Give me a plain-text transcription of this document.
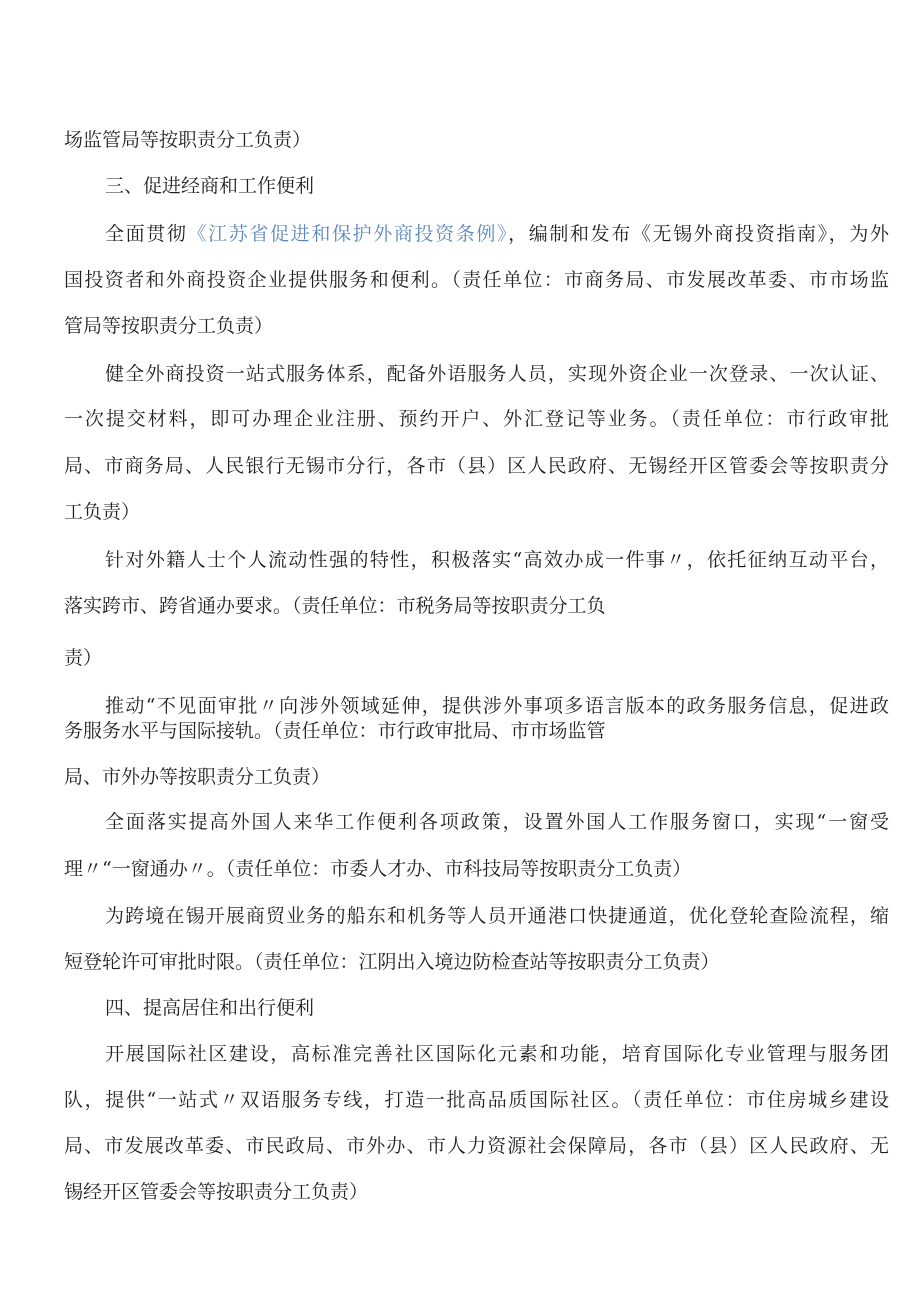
场监管局等按职责分工负责）
三、促进经商和工作便利
全面贯彻《江苏省促进和保护外商投资条例》，编制和发布《无锡外商投资指南》，为外
国投资者和外商投资企业提供服务和便利。（责任单位：市商务局、市发展改革委、市市场监
管局等按职责分工负责）
健全外商投资一站式服务体系，配备外语服务人员，实现外资企业一次登录、一次认证、
一次提交材料，即可办理企业注册、预约开户、外汇登记等业务。（责任单位：市行政审批
局、市商务局、人民银行无锡市分行，各市（县）区人民政府、无锡经开区管委会等按职责分
工负责）
针对外籍人士个人流动性强的特性，积极落实“高效办成一件事〃，依托征纳互动平台，
落实跨市、跨省通办要求。（责任单位：市税务局等按职责分工负
责）
推动“不见面审批〃向涉外领域延伸，提供涉外事项多语言版本的政务服务信息，促进政
务服务水平与国际接轨。（责任单位：市行政审批局、市市场监管
局、市外办等按职责分工负责）
全面落实提高外国人来华工作便利各项政策，设置外国人工作服务窗口，实现“一窗受
理〃“一窗通办〃。（责任单位：市委人才办、市科技局等按职责分工负责）
为跨境在锡开展商贸业务的船东和机务等人员开通港口快捷通道，优化登轮查险流程，缩
短登轮许可审批时限。（责任单位：江阴出入境边防检查站等按职责分工负责）
四、提高居住和出行便利
开展国际社区建设，高标准完善社区国际化元素和功能，培育国际化专业管理与服务团
队，提供“一站式〃双语服务专线，打造一批高品质国际社区。（责任单位：市住房城乡建设
局、市发展改革委、市民政局、市外办、市人力资源社会保障局，各市（县）区人民政府、无
锡经开区管委会等按职责分工负责）
